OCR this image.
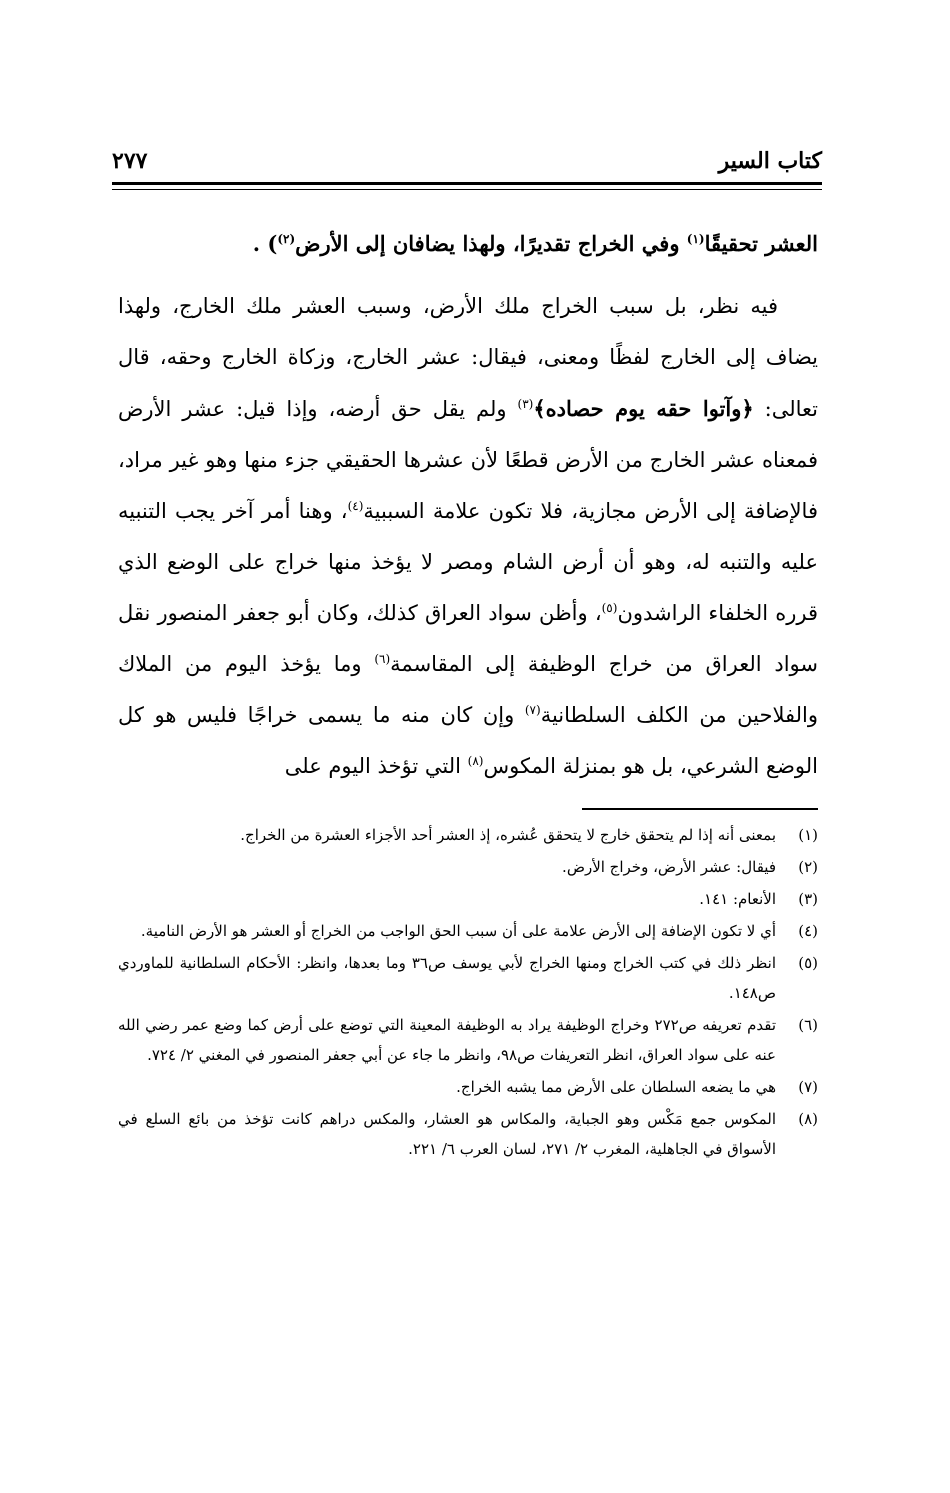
كتاب السير
٢٧٧

العشر تحقيقًا$^{(١)}$ وفي الخراج تقديرًا، ولهذا يضافان إلى الأرض$^{(٢)}$) .

فيه نظر، بل سبب الخراج ملك الأرض، وسبب العشر ملك الخارج، ولهذا يضاف إلى الخارج لفظًا ومعنى، فيقال: عشر الخارج، وزكاة الخارج وحقه، قال تعالى: ﴿وآتوا حقه يوم حصاده﴾$^{(٣)}$ ولم يقل حق أرضه، وإذا قيل: عشر الأرض فمعناه عشر الخارج من الأرض قطعًا لأن عشرها الحقيقي جزء منها وهو غير مراد، فالإضافة إلى الأرض مجازية، فلا تكون علامة السببية$^{(٤)}$، وهنا أمر آخر يجب التنبيه عليه والتنبه له، وهو أن أرض الشام ومصر لا يؤخذ منها خراج على الوضع الذي قرره الخلفاء الراشدون$^{(٥)}$، وأظن سواد العراق كذلك، وكان أبو جعفر المنصور نقل سواد العراق من خراج الوظيفة إلى المقاسمة$^{(٦)}$ وما يؤخذ اليوم من الملاك والفلاحين من الكلف السلطانية$^{(٧)}$ وإن كان منه ما يسمى خراجًا فليس هو كل الوضع الشرعي، بل هو بمنزلة المكوس$^{(٨)}$ التي تؤخذ اليوم على

(١)
بمعنى أنه إذا لم يتحقق خارج لا يتحقق عُشره، إذ العشر أحد الأجزاء العشرة من الخراج.
(٢)
فيقال: عشر الأرض، وخراج الأرض.
(٣)
الأنعام: ١٤١.
(٤)
أي لا تكون الإضافة إلى الأرض علامة على أن سبب الحق الواجب من الخراج أو العشر هو الأرض النامية.
(٥)
انظر ذلك في كتب الخراج ومنها الخراج لأبي يوسف ص٣٦ وما بعدها، وانظر: الأحكام السلطانية للماوردي ص١٤٨.
(٦)
تقدم تعريفه ص٢٧٢ وخراج الوظيفة يراد به الوظيفة المعينة التي توضع على أرض كما وضع عمر رضي الله عنه على سواد العراق، انظر التعريفات ص٩٨، وانظر ما جاء عن أبي جعفر المنصور في المغني ٢/ ٧٢٤.
(٧)
هي ما يضعه السلطان على الأرض مما يشبه الخراج.
(٨)
المكوس جمع مَكْس وهو الجباية، والمكاس هو العشار، والمكس دراهم كانت تؤخذ من بائع السلع في الأسواق في الجاهلية، المغرب ٢/ ٢٧١، لسان العرب ٦/ ٢٢١.
